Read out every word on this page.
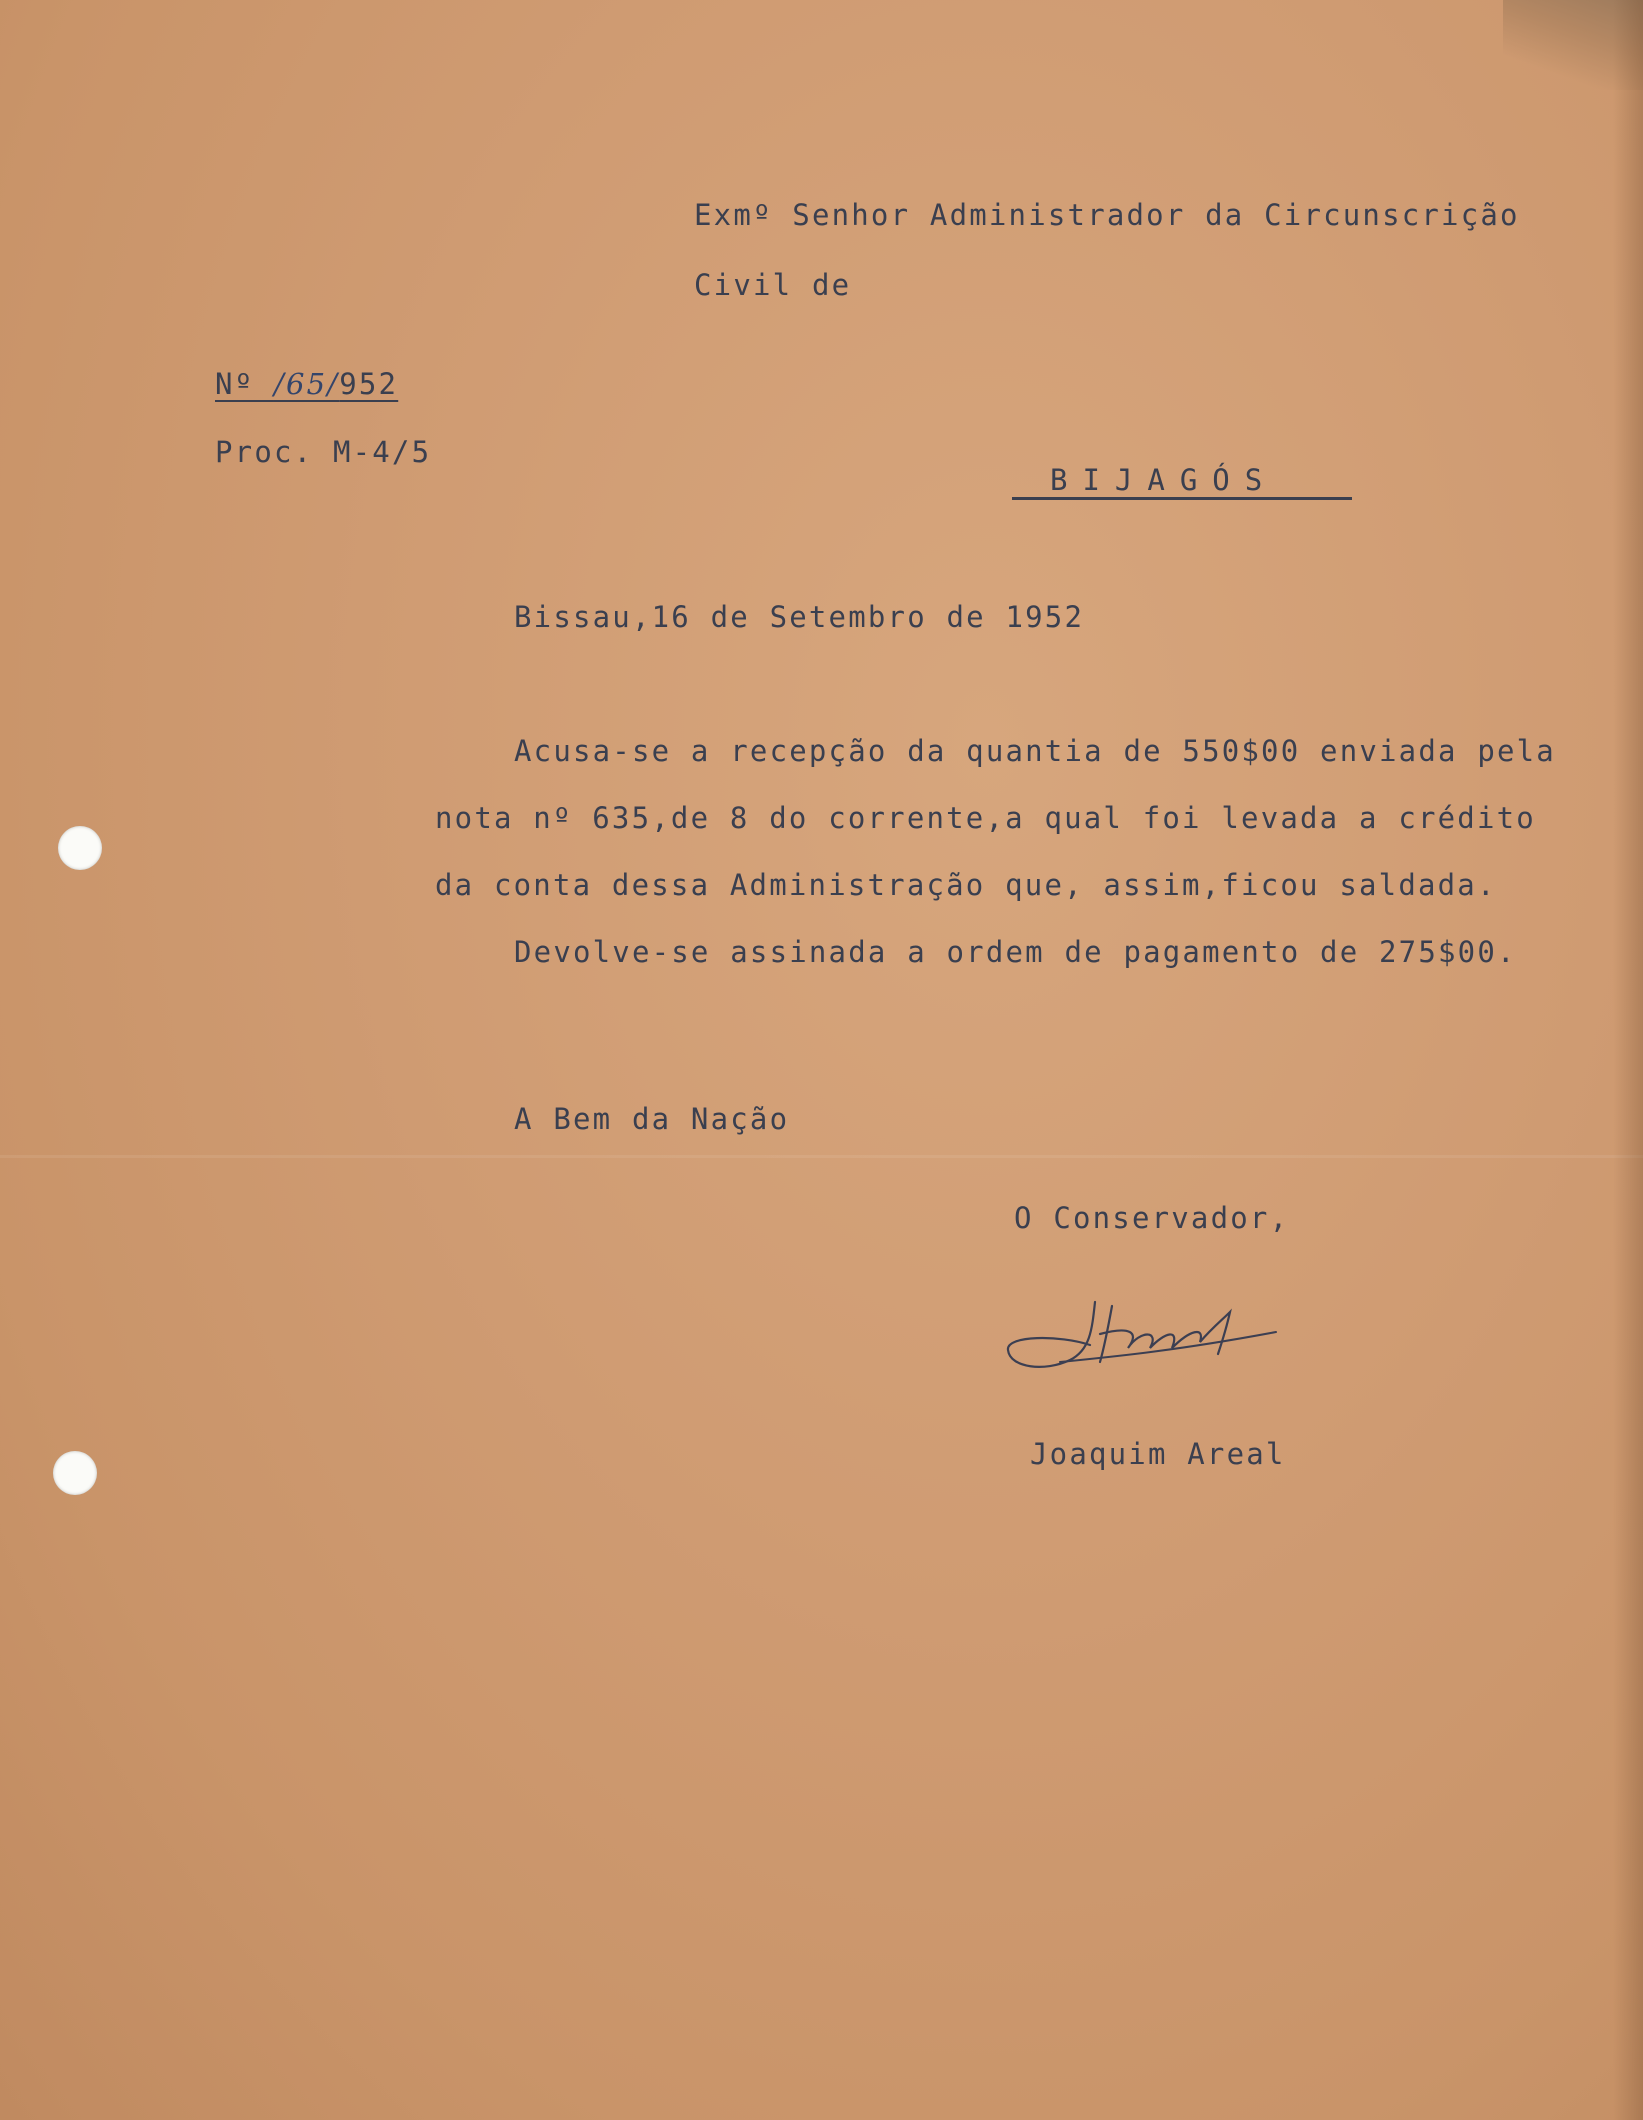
Exmº Senhor Administrador da Circunscrição
Civil de
Nº /65/952
Proc. M-4/5
BIJAGÓS
Bissau,16 de Setembro de 1952
Acusa-se a recepção da quantia de 550$00 enviada pela
nota nº 635,de 8 do corrente,a qual foi levada a crédito
da conta dessa Administração que, assim,ficou saldada.
Devolve-se assinada a ordem de pagamento de 275$00.
A Bem da Nação
O Conservador,
Joaquim Areal
